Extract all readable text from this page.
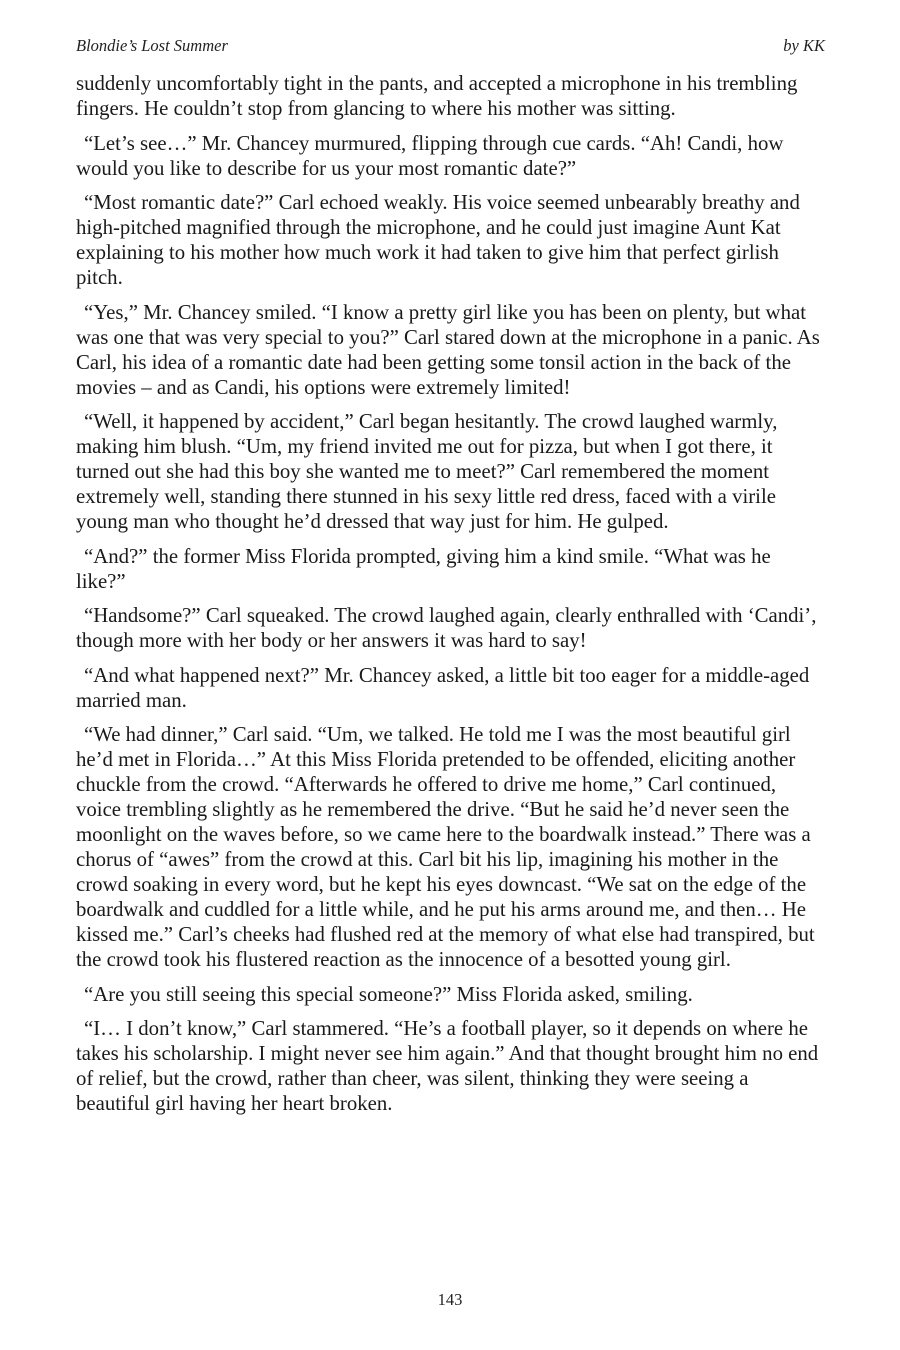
Blondie’s Lost Summer	by KK

suddenly uncomfortably tight in the pants, and accepted a microphone in his trembling fingers. He couldn’t stop from glancing to where his mother was sitting.

“Let’s see…” Mr. Chancey murmured, flipping through cue cards. “Ah! Candi, how would you like to describe for us your most romantic date?”

“Most romantic date?” Carl echoed weakly. His voice seemed unbearably breathy and high-pitched magnified through the microphone, and he could just imagine Aunt Kat explaining to his mother how much work it had taken to give him that perfect girlish pitch.

“Yes,” Mr. Chancey smiled. “I know a pretty girl like you has been on plenty, but what was one that was very special to you?” Carl stared down at the microphone in a panic. As Carl, his idea of a romantic date had been getting some tonsil action in the back of the movies – and as Candi, his options were extremely limited!

“Well, it happened by accident,” Carl began hesitantly. The crowd laughed warmly, making him blush. “Um, my friend invited me out for pizza, but when I got there, it turned out she had this boy she wanted me to meet?” Carl remembered the moment extremely well, standing there stunned in his sexy little red dress, faced with a virile young man who thought he’d dressed that way just for him. He gulped.

“And?” the former Miss Florida prompted, giving him a kind smile. “What was he like?”

“Handsome?” Carl squeaked. The crowd laughed again, clearly enthralled with ‘Candi’, though more with her body or her answers it was hard to say!

“And what happened next?” Mr. Chancey asked, a little bit too eager for a middle-aged married man.

“We had dinner,” Carl said. “Um, we talked. He told me I was the most beautiful girl he’d met in Florida…” At this Miss Florida pretended to be offended, eliciting another chuckle from the crowd. “Afterwards he offered to drive me home,” Carl continued, voice trembling slightly as he remembered the drive. “But he said he’d never seen the moonlight on the waves before, so we came here to the boardwalk instead.” There was a chorus of “awes” from the crowd at this. Carl bit his lip, imagining his mother in the crowd soaking in every word, but he kept his eyes downcast. “We sat on the edge of the boardwalk and cuddled for a little while, and he put his arms around me, and then… He kissed me.” Carl’s cheeks had flushed red at the memory of what else had transpired, but the crowd took his flustered reaction as the innocence of a besotted young girl.

“Are you still seeing this special someone?” Miss Florida asked, smiling.

“I… I don’t know,” Carl stammered. “He’s a football player, so it depends on where he takes his scholarship. I might never see him again.” And that thought brought him no end of relief, but the crowd, rather than cheer, was silent, thinking they were seeing a beautiful girl having her heart broken.

143
